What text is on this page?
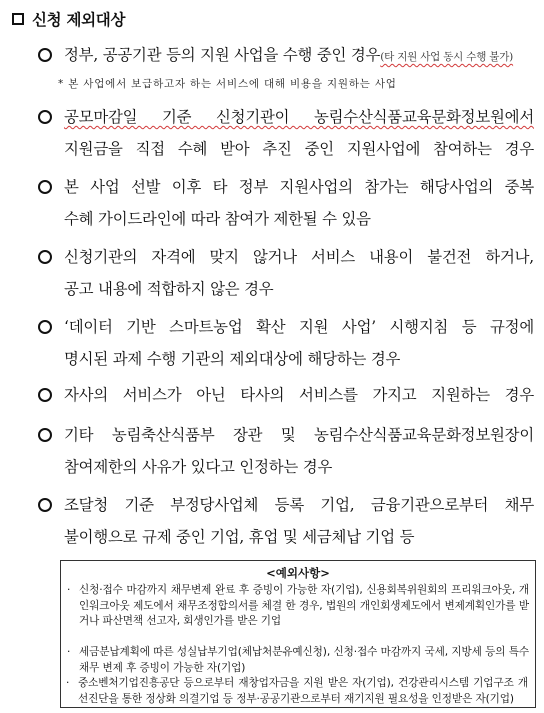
신청 제외대상
정부, 공공기관 등의 지원 사업을 수행 중인 경우(타 지원 사업 동시 수행 불가)
* 본 사업에서 보급하고자 하는 서비스에 대해 비용을 지원하는 사업
공모마감일 기준 신청기관이 농림수산식품교육문화정보원에서
지원금을 직접 수혜 받아 추진 중인 지원사업에 참여하는 경우
본 사업 선발 이후 타 정부 지원사업의 참가는 해당사업의 중복
수혜 가이드라인에 따라 참여가 제한될 수 있음
신청기관의 자격에 맞지 않거나 서비스 내용이 불건전 하거나,
공고 내용에 적합하지 않은 경우
‘데이터 기반 스마트농업 확산 지원 사업’ 시행지침 등 규정에
명시된 과제 수행 기관의 제외대상에 해당하는 경우
자사의 서비스가 아닌 타사의 서비스를 가지고 지원하는 경우
기타 농림축산식품부 장관 및 농림수산식품교육문화정보원장이
참여제한의 사유가 있다고 인정하는 경우
조달청 기준 부정당사업체 등록 기업, 금융기관으로부터 채무
불이행으로 규제 중인 기업, 휴업 및 세금체납 기업 등
<예외사항>
· 신청·접수 마감까지 채무변제 완료 후 증빙이 가능한 자(기업), 신용회복위원회의 프리워크아웃, 개인워크아웃 제도에서 채무조정합의서를 체결 한 경우, 법원의 개인회생제도에서 변제계획인가를 받거나 파산면책 선고자, 회생인가를 받은 기업
· 세금분납계획에 따른 성실납부기업(체납처분유예신청), 신청·접수 마감까지 국세, 지방세 등의 특수채무 변제 후 증빙이 가능한 자(기업)
· 중소벤처기업진흥공단 등으로부터 재창업자금을 지원 받은 자(기업), 건강관리시스템 기업구조 개선진단을 통한 정상화 의결기업 등 정부·공공기관으로부터 재기지원 필요성을 인정받은 자(기업)
